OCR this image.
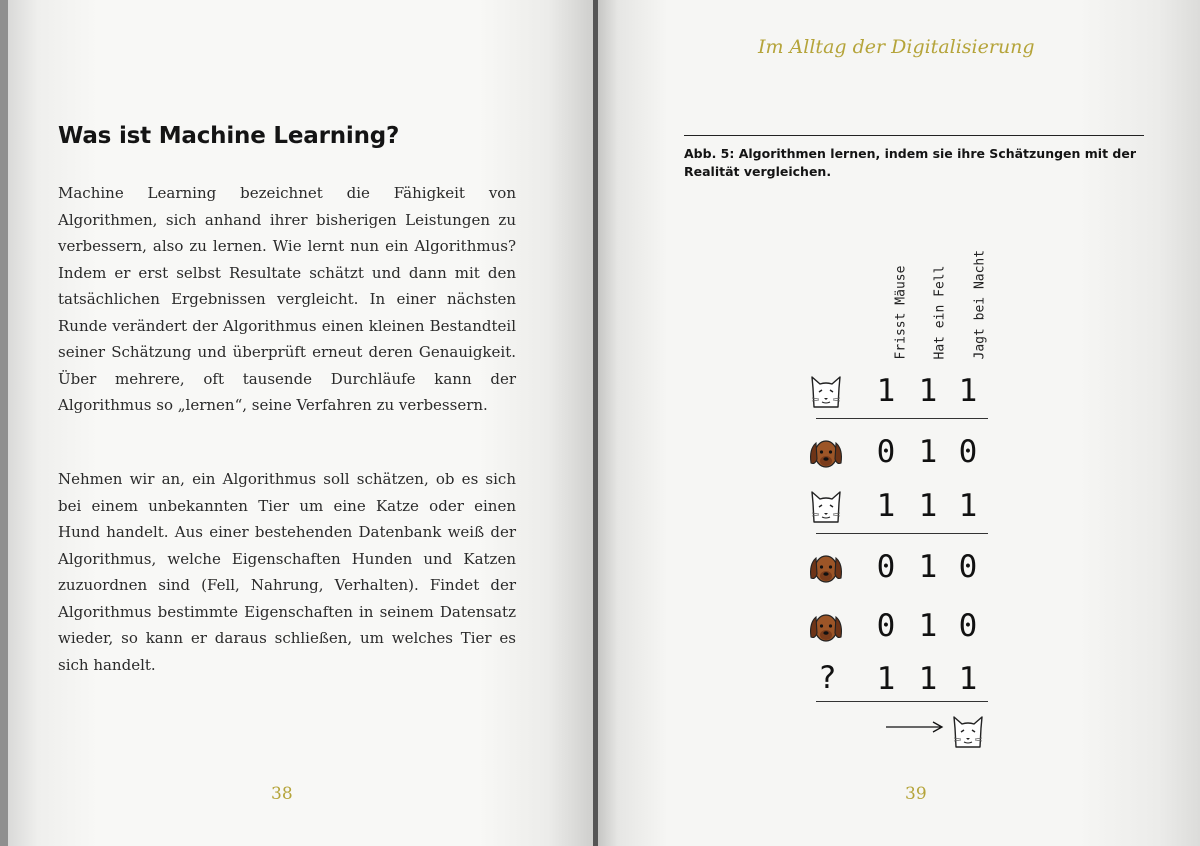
Was ist Machine Learning?

Machine Learning bezeichnet die Fähigkeit von Algorithmen, sich anhand ihrer bisherigen Leistungen zu verbessern, also zu lernen. Wie lernt nun ein Algorithmus? Indem er erst selbst Resultate schätzt und dann mit den tatsächlichen Ergebnissen vergleicht. In einer nächsten Runde verändert der Algorithmus einen kleinen Bestandteil seiner Schätzung und überprüft erneut deren Genauigkeit. Über mehrere, oft tausende Durchläufe kann der Algorithmus so „lernen“, seine Verfahren zu verbessern.

Nehmen wir an, ein Algorithmus soll schätzen, ob es sich bei einem unbekannten Tier um eine Katze oder einen Hund handelt. Aus einer bestehenden Datenbank weiß der Algorithmus, welche Eigenschaften Hunden und Katzen zuzuordnen sind (Fell, Nahrung, Verhalten). Findet der Algorithmus bestimmte Eigenschaften in seinem Datensatz wieder, so kann er daraus schließen, um welches Tier es sich handelt.

38

Im Alltag der Digitalisierung

Abb. 5: Algorithmen lernen, indem sie ihre Schätzungen mit der Realität vergleichen.

Frisst Mäuse Hat ein Fell Jagt bei Nacht
1 1 1
0 1 0
1 1 1
0 1 0
0 1 0
? 1 1 1
39
